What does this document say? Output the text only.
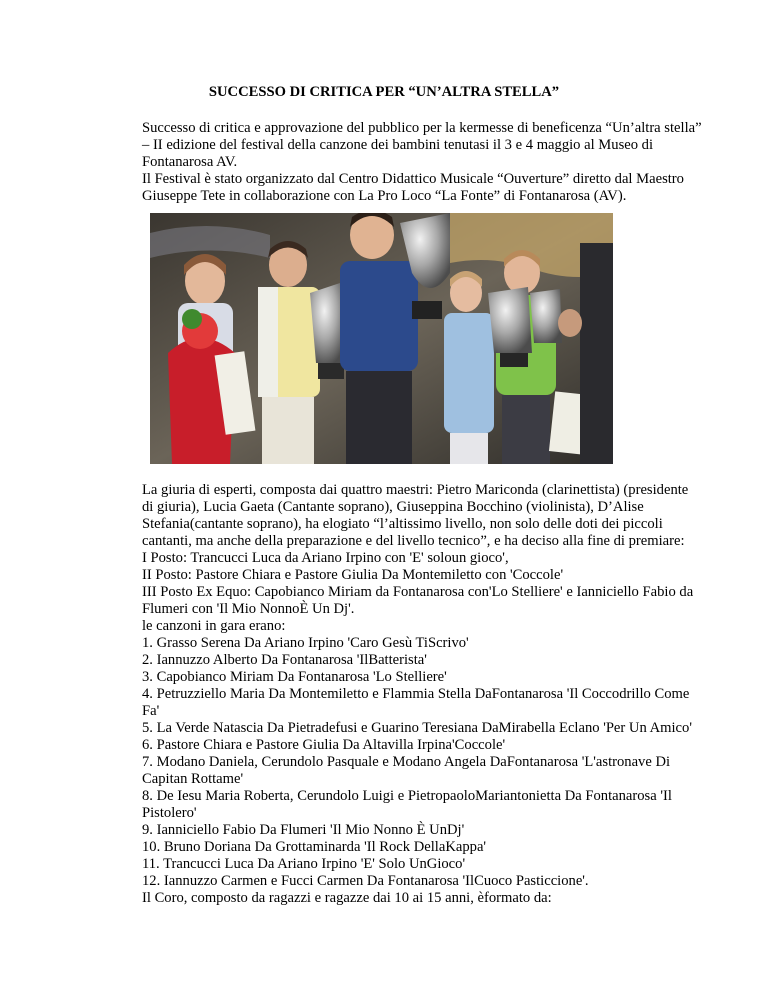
SUCCESSO DI CRITICA PER “UN’ALTRA STELLA”

Successo di critica e approvazione del pubblico per la kermesse di beneficenza “Un’altra stella” – II edizione del festival della canzone dei bambini tenutasi il 3 e 4 maggio al Museo di Fontanarosa AV.

Il Festival è stato organizzato dal Centro Didattico Musicale “Ouverture” diretto dal Maestro Giuseppe Tete in collaborazione con La Pro Loco “La Fonte” di Fontanarosa (AV).

La giuria di esperti, composta dai quattro maestri: Pietro Mariconda (clarinettista) (presidente di giuria), Lucia Gaeta (Cantante soprano), Giuseppina Bocchino (violinista), D’Alise Stefania(cantante soprano), ha elogiato “l’altissimo livello, non solo delle doti dei piccoli cantanti, ma anche della preparazione e del livello tecnico”, e ha deciso alla fine di premiare:

I Posto: Trancucci Luca da Ariano Irpino con 'E' soloun gioco',

II Posto: Pastore Chiara e Pastore Giulia Da Montemiletto con 'Coccole'

III Posto Ex Equo: Capobianco Miriam da Fontanarosa con'Lo Stelliere' e Ianniciello Fabio da Flumeri con 'Il Mio NonnoÈ Un Dj'.

le canzoni in gara erano:

1. Grasso Serena Da Ariano Irpino 'Caro Gesù TiScrivo'

2. Iannuzzo Alberto Da Fontanarosa 'IlBatterista'

3. Capobianco Miriam Da Fontanarosa 'Lo Stelliere'

4. Petruzziello Maria Da Montemiletto e Flammia Stella DaFontanarosa 'Il Coccodrillo Come Fa'

5. La Verde Natascia Da Pietradefusi e Guarino Teresiana DaMirabella Eclano 'Per Un Amico'

6. Pastore Chiara e Pastore Giulia Da Altavilla Irpina'Coccole'

7. Modano Daniela, Cerundolo Pasquale e Modano Angela DaFontanarosa 'L'astronave Di Capitan Rottame'

8. De Iesu Maria Roberta, Cerundolo Luigi e PietropaoloMariantonietta Da Fontanarosa 'Il Pistolero'

9. Ianniciello Fabio Da Flumeri 'Il Mio Nonno È UnDj'

10. Bruno Doriana Da Grottaminarda 'Il Rock DellaKappa'

11. Trancucci Luca Da Ariano Irpino 'E' Solo UnGioco'

12. Iannuzzo Carmen e Fucci Carmen Da Fontanarosa 'IlCuoco Pasticcione'.

Il Coro, composto da ragazzi e ragazze dai 10 ai 15 anni, èformato da:
